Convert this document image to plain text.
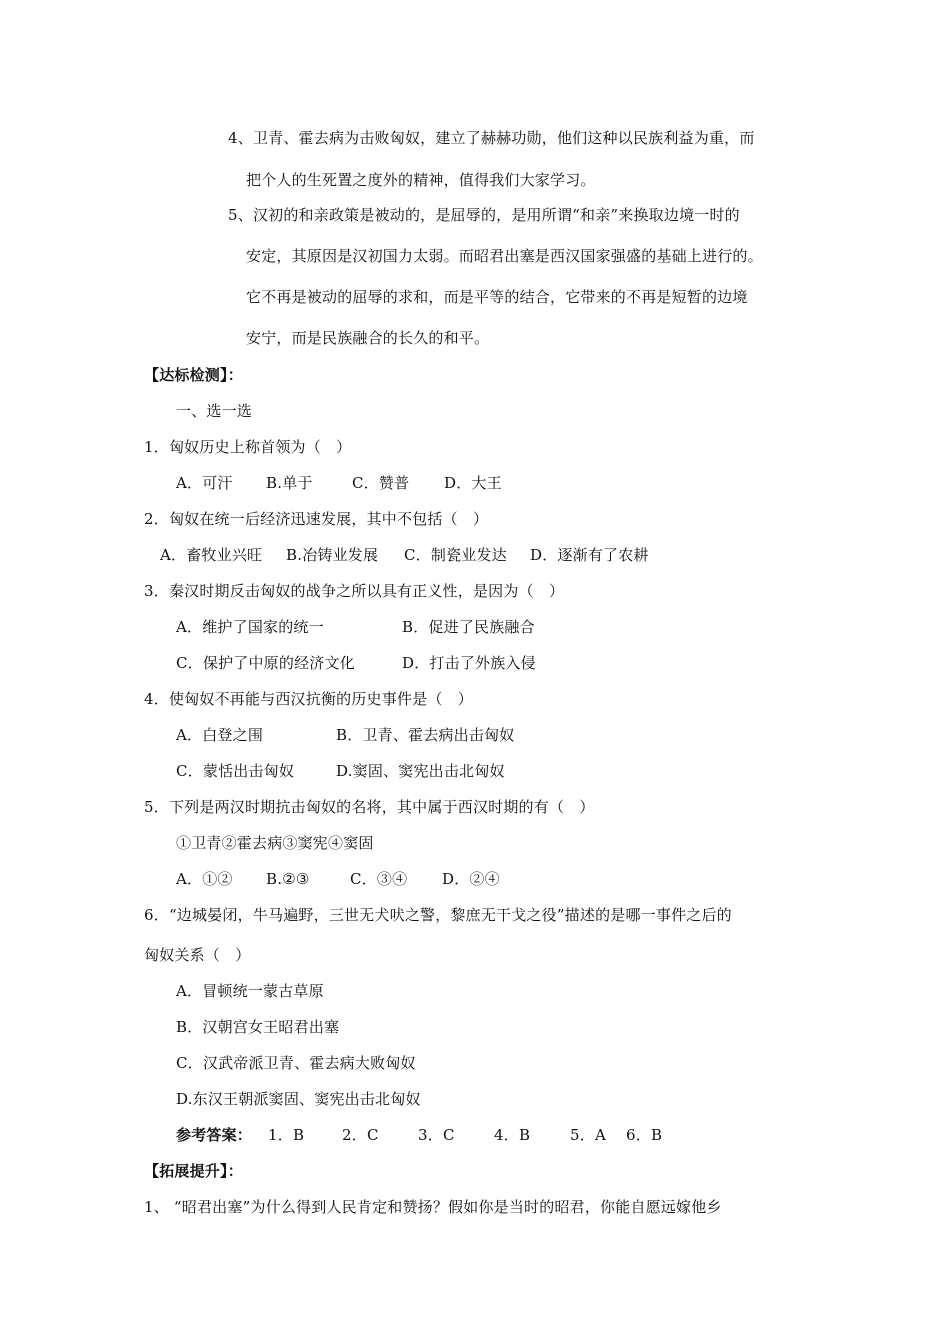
4、卫青、霍去病为击败匈奴，建立了赫赫功勋，他们这种以民族利益为重，而
把个人的生死置之度外的精神，值得我们大家学习。
5、汉初的和亲政策是被动的，是屈辱的，是用所谓“和亲”来换取边境一时的
安定，其原因是汉初国力太弱。而昭君出塞是西汉国家强盛的基础上进行的。
它不再是被动的屈辱的求和，而是平等的结合，它带来的不再是短暂的边境
安宁，而是民族融合的长久的和平。
【达标检测】：
一、选一选
1．匈奴历史上称首领为（　）
A．可汗 B.单于	C．赞普 D．大王
2．匈奴在统一后经济迅速发展，其中不包括（　）
A．畜牧业兴旺 B.冶铸业发展 C．制瓷业发达 D．逐渐有了农耕
3．秦汉时期反击匈奴的战争之所以具有正义性，是因为（　）
A．维护了国家的统一	B．促进了民族融合
C．保护了中原的经济文化	D．打击了外族入侵
4．使匈奴不再能与西汉抗衡的历史事件是（　）
A．白登之围	B．卫青、霍去病出击匈奴
C．蒙恬出击匈奴	D.窦固、窦宪出击北匈奴
5．下列是两汉时期抗击匈奴的名将，其中属于西汉时期的有（　）
①卫青②霍去病③窦宪④窦固
A．①② B.②③	C．③④ D．②④
6．“边城晏闭，牛马遍野，三世无犬吠之警，黎庶无干戈之役”描述的是哪一事件之后的
匈奴关系（　）
A．冒顿统一蒙古草原
B．汉朝宫女王昭君出塞
C．汉武帝派卫青、霍去病大败匈奴
D.东汉王朝派窦固、窦宪出击北匈奴
参考答案： 1．B	2．C	3．C	4．B	5．A 6．B
【拓展提升】：
1、 “昭君出塞”为什么得到人民肯定和赞扬？假如你是当时的昭君，你能自愿远嫁他乡
